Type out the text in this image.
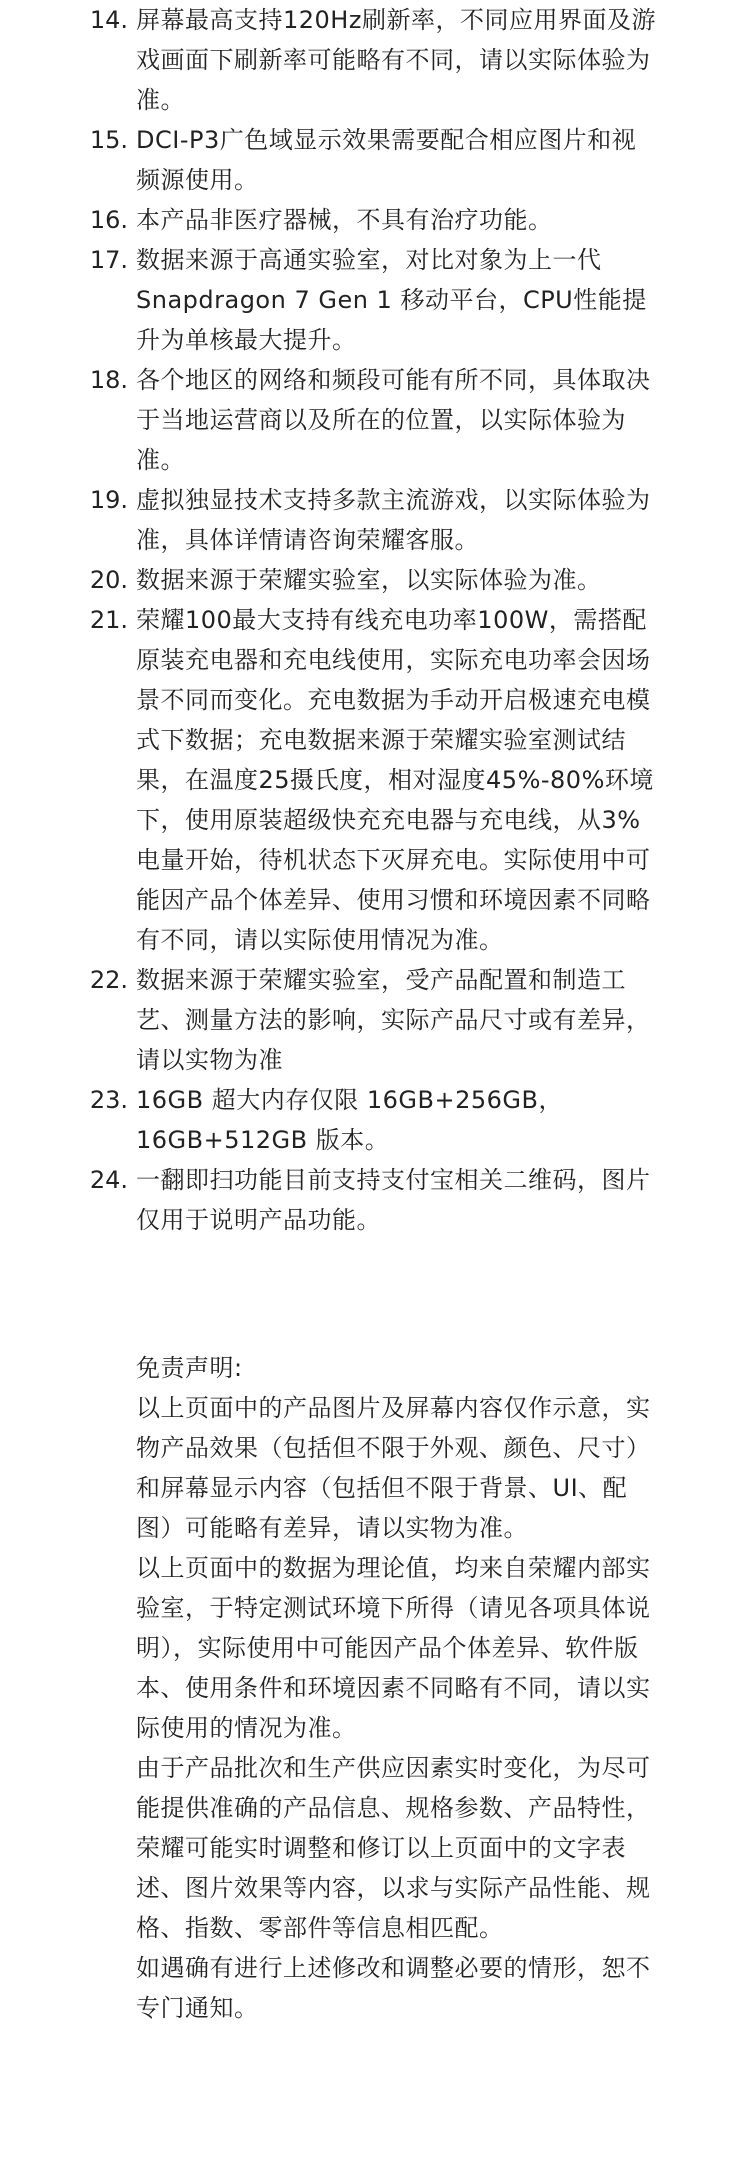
14. 屏幕最高支持120Hz刷新率，不同应用界面及游戏画面下刷新率可能略有不同，请以实际体验为准。
15. DCI-P3广色域显示效果需要配合相应图片和视频源使用。
16. 本产品非医疗器械，不具有治疗功能。
17. 数据来源于高通实验室，对比对象为上一代 Snapdragon 7 Gen 1 移动平台，CPU性能提升为单核最大提升。
18. 各个地区的网络和频段可能有所不同，具体取决于当地运营商以及所在的位置，以实际体验为准。
19. 虚拟独显技术支持多款主流游戏，以实际体验为准，具体详情请咨询荣耀客服。
20. 数据来源于荣耀实验室，以实际体验为准。
21. 荣耀100最大支持有线充电功率100W，需搭配原装充电器和充电线使用，实际充电功率会因场景不同而变化。充电数据为手动开启极速充电模式下数据；充电数据来源于荣耀实验室测试结果，在温度25摄氏度，相对湿度45%-80%环境下，使用原装超级快充充电器与充电线，从3%电量开始，待机状态下灭屏充电。实际使用中可能因产品个体差异、使用习惯和环境因素不同略有不同，请以实际使用情况为准。
22. 数据来源于荣耀实验室，受产品配置和制造工艺、测量方法的影响，实际产品尺寸或有差异，请以实物为准
23. 16GB 超大内存仅限 16GB+256GB，16GB+512GB 版本。
24. 一翻即扫功能目前支持支付宝相关二维码，图片仅用于说明产品功能。

免责声明:

以上页面中的产品图片及屏幕内容仅作示意，实物产品效果（包括但不限于外观、颜色、尺寸）和屏幕显示内容（包括但不限于背景、UI、配图）可能略有差异，请以实物为准。

以上页面中的数据为理论值，均来自荣耀内部实验室，于特定测试环境下所得（请见各项具体说明），实际使用中可能因产品个体差异、软件版本、使用条件和环境因素不同略有不同，请以实际使用的情况为准。

由于产品批次和生产供应因素实时变化，为尽可能提供准确的产品信息、规格参数、产品特性，荣耀可能实时调整和修订以上页面中的文字表述、图片效果等内容，以求与实际产品性能、规格、指数、零部件等信息相匹配。

如遇确有进行上述修改和调整必要的情形，恕不专门通知。
